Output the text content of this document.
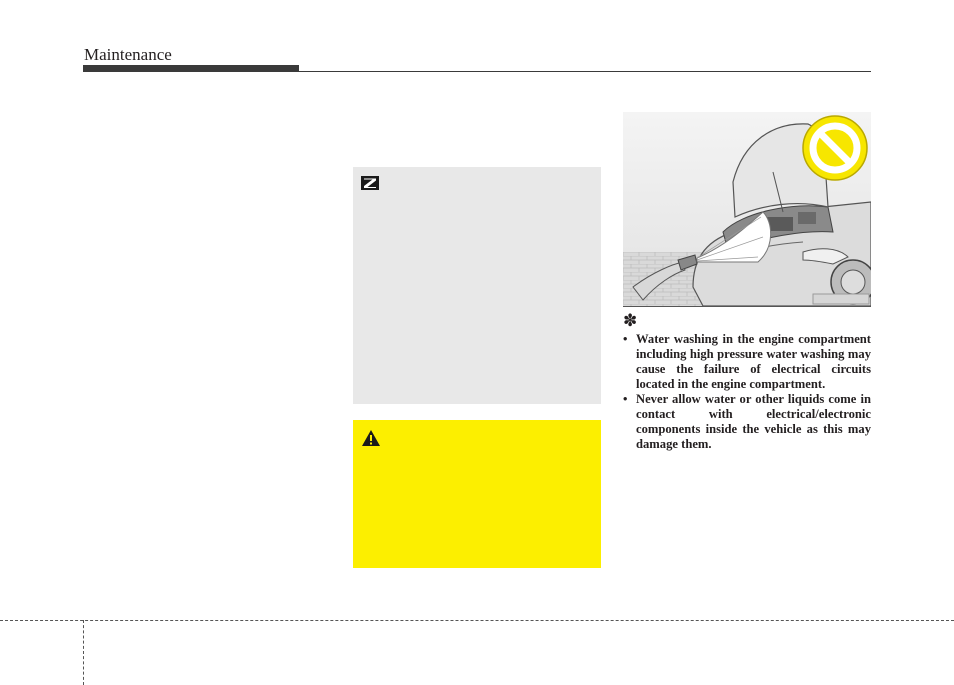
Maintenance
✽
• Water washing in the engine compartment including high pressure water washing may cause the failure of electrical circuits located in the engine compartment.
• Never allow water or other liquids come in contact with electrical/electronic components inside the vehicle as this may damage them.
